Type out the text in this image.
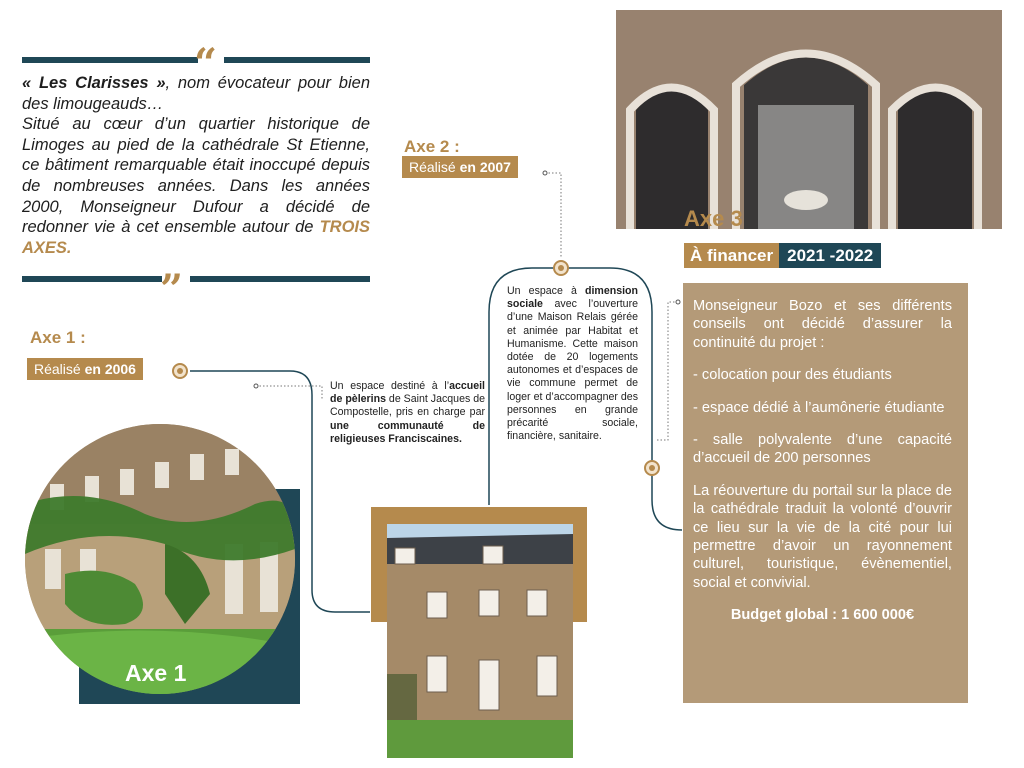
“
« Les Clarisses », nom évocateur pour bien des limougeauds…
Situé au cœur d’un quartier historique de Limoges au pied de la cathédrale St Etienne, ce bâtiment remarquable était inoccupé depuis de nombreuses années. Dans les années 2000, Monseigneur Dufour a décidé de redonner vie à cet ensemble autour de TROIS AXES.
”
Axe 1 :
Réalisé en 2006
Un espace destiné à l’accueil de pèlerins de Saint Jacques de Compostelle, pris en charge par une communauté de religieuses Franciscaines.
Axe 1
Axe 2 :
Réalisé en 2007
Un espace à dimension sociale avec l’ouverture d’une Maison Relais gérée et animée par Habitat et Humanisme. Cette maison dotée de 20 logements autonomes et d’espaces de vie commune permet de loger et d’accompagner des personnes en grande précarité sociale, financière, sanitaire.
Axe 3
À financer 2021 -2022

Monseigneur Bozo et ses différents conseils ont décidé d’assurer la continuité du projet :

- colocation pour des étudiants

- espace dédié à l’aumônerie étudiante

- salle polyvalente d’une capacité d’accueil de 200 personnes

La réouverture du portail sur la place de la cathédrale traduit la volonté d’ouvrir ce lieu sur la vie de la cité pour lui permettre d’avoir un rayonnement culturel, touristique, évènementiel, social et convivial.

Budget global : 1 600 000€
